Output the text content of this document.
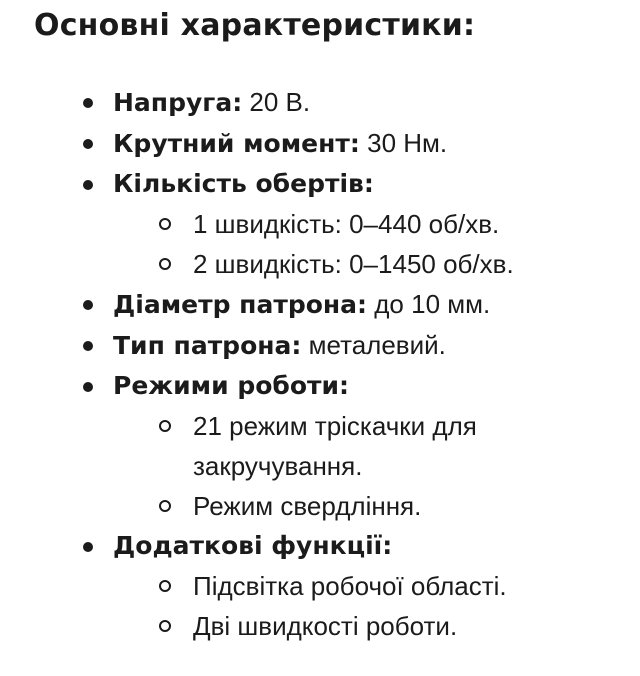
Основні характеристики:
Напруга: 20 В.
Крутний момент: 30 Нм.
Кількість обертів:
1 швидкість: 0–440 об/хв.
2 швидкість: 0–1450 об/хв.
Діаметр патрона: до 10 мм.
Тип патрона: металевий.
Режими роботи:
21 режим тріскачки для закручування.
Режим свердління.
Додаткові функції:
Підсвітка робочої області.
Дві швидкості роботи.
